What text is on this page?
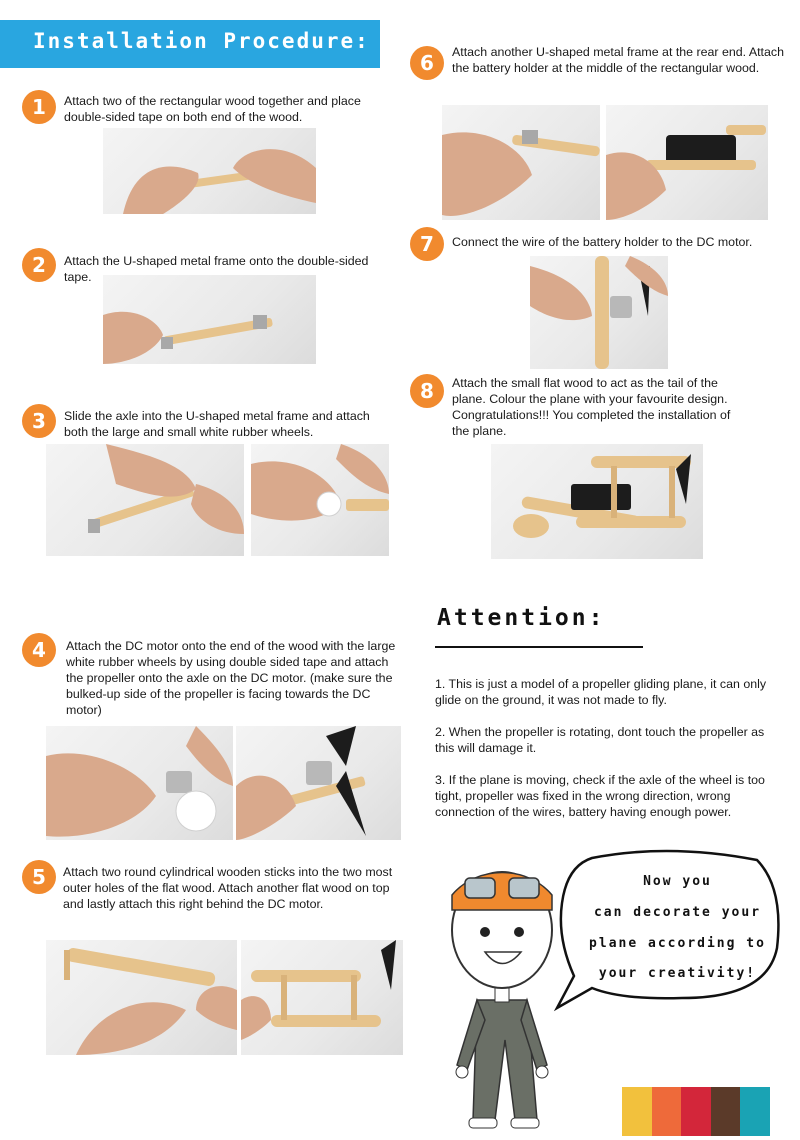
Installation Procedure:
1	Attach two of the rectangular wood together and place double-sided tape on both end of the wood.
2	Attach the U-shaped metal frame onto the double-sided tape.
3	Slide the axle into the U-shaped metal frame and attach both the large and small white rubber wheels.
4	Attach the DC motor onto the end of the wood with the large white rubber wheels by using double sided tape and attach the propeller onto the axle on the DC motor. (make sure the bulked-up side of the propeller is facing towards the DC motor)
5	Attach two round cylindrical wooden sticks into the two most outer holes of the flat wood. Attach another flat wood on top and lastly attach this right behind the DC motor.
6	Attach another U-shaped metal frame at the rear end. Attach the battery holder at the middle of the rectangular wood.
7	Connect the wire of the battery holder to the DC motor.
8	Attach the small flat wood to act as the tail of the plane. Colour the plane with your favourite design. Congratulations!!! You completed the installation of the plane.
Attention:
1. This is just a model of a propeller gliding plane, it can only glide on the ground, it was not made to fly.
2. When the propeller is rotating, dont touch the propeller as this will damage it.
3. If the plane is moving, check if the axle of the wheel is too tight, propeller was fixed in the wrong direction, wrong connection of the wires, battery having enough power.
Now you
can decorate your
plane according to
your creativity!
